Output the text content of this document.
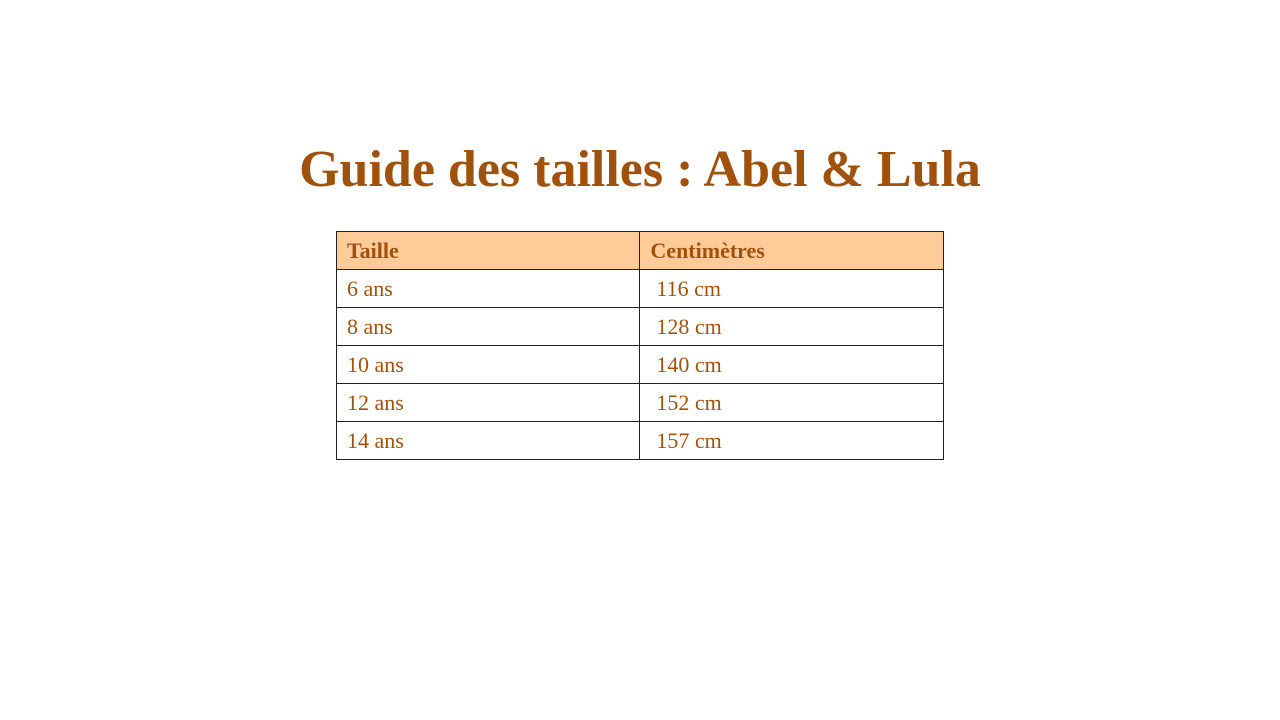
Guide des tailles : Abel & Lula
Taille	Centimètres
6 ans	116 cm
8 ans	128 cm
10 ans	140 cm
12 ans	152 cm
14 ans	157 cm
